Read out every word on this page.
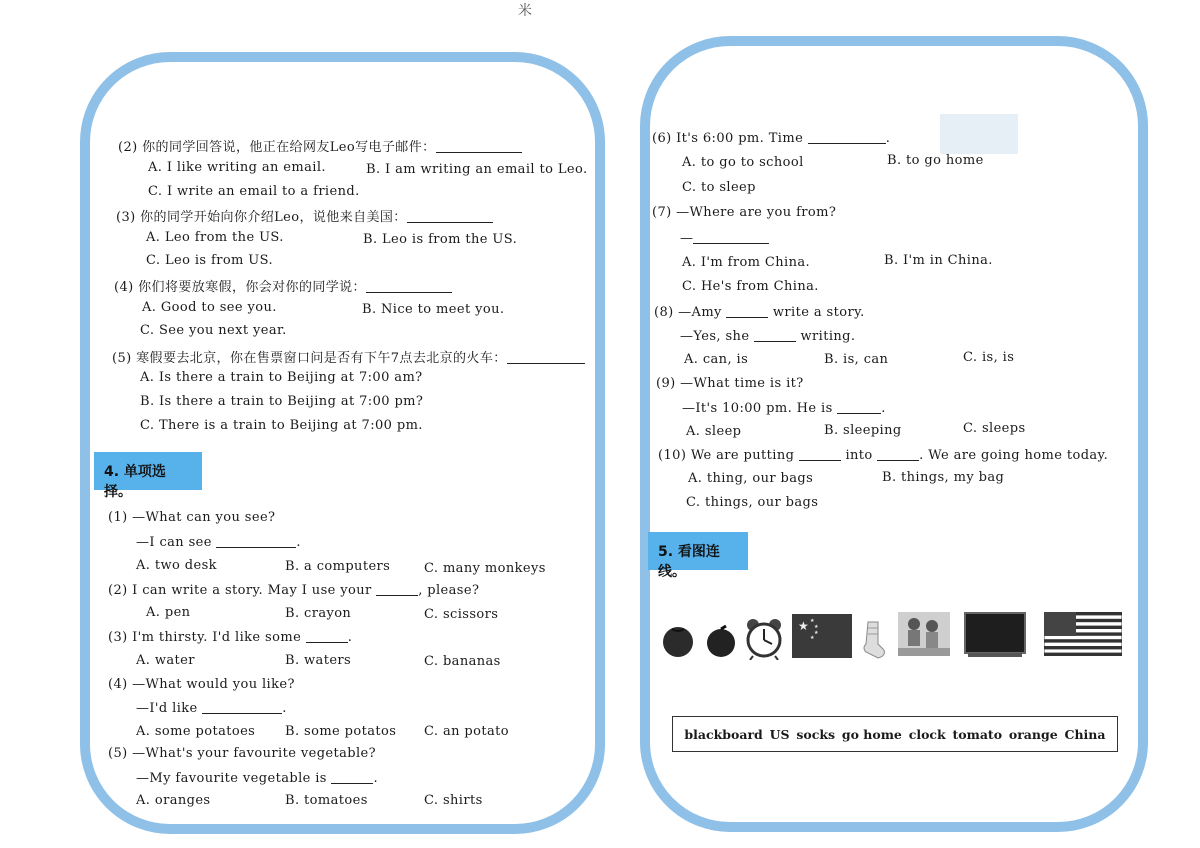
米
(2) 你的同学回答说，他正在给网友Leo写电子邮件：
A. I like writing an email.	B. I am writing an email to Leo.
C. I write an email to a friend.
(3) 你的同学开始向你介绍Leo，说他来自美国：
A. Leo from the US.	B. Leo is from the US.
C. Leo is from US.
(4) 你们将要放寒假，你会对你的同学说：
A. Good to see you.	B. Nice to meet you.
C. See you next year.
(5) 寒假要去北京，你在售票窗口问是否有下午7点去北京的火车：
A. Is there a train to Beijing at 7:00 am?
B. Is there a train to Beijing at 7:00 pm?
C. There is a train to Beijing at 7:00 pm.
4. 单项选择。
(1) —What can you see?
—I can see	.
A. two desk	B. a computers	C. many monkeys
(2) I can write a story. May I use your	, please?
A. pen	B. crayon	C. scissors
(3) I'm thirsty. I'd like some	.
A. water	B. waters	C. bananas
(4) —What would you like?
—I'd like	.
A. some potatoes B. some potatos C. an potato
(5) —What's your favourite vegetable?
—My favourite vegetable is	.
A. oranges	B. tomatoes	C. shirts
(6) It's 6:00 pm. Time	.
A. to go to school	B. to go home
C. to sleep
(7) —Where are you from?
—
A. I'm from China.	B. I'm in China.
C. He's from China.
(8) —Amy	write a story.
—Yes, she	writing.
A. can, is	B. is, can	C. is, is
(9) —What time is it?
—It's 10:00 pm. He is	.
A. sleep	B. sleeping	C. sleeps
(10) We are putting	into	. We are going home today.
A. thing, our bags	B. things, my bag
C. things, our bags
5. 看图连线。
★ ★
★
★
★
blackboard US socks go home clock tomato orange China
